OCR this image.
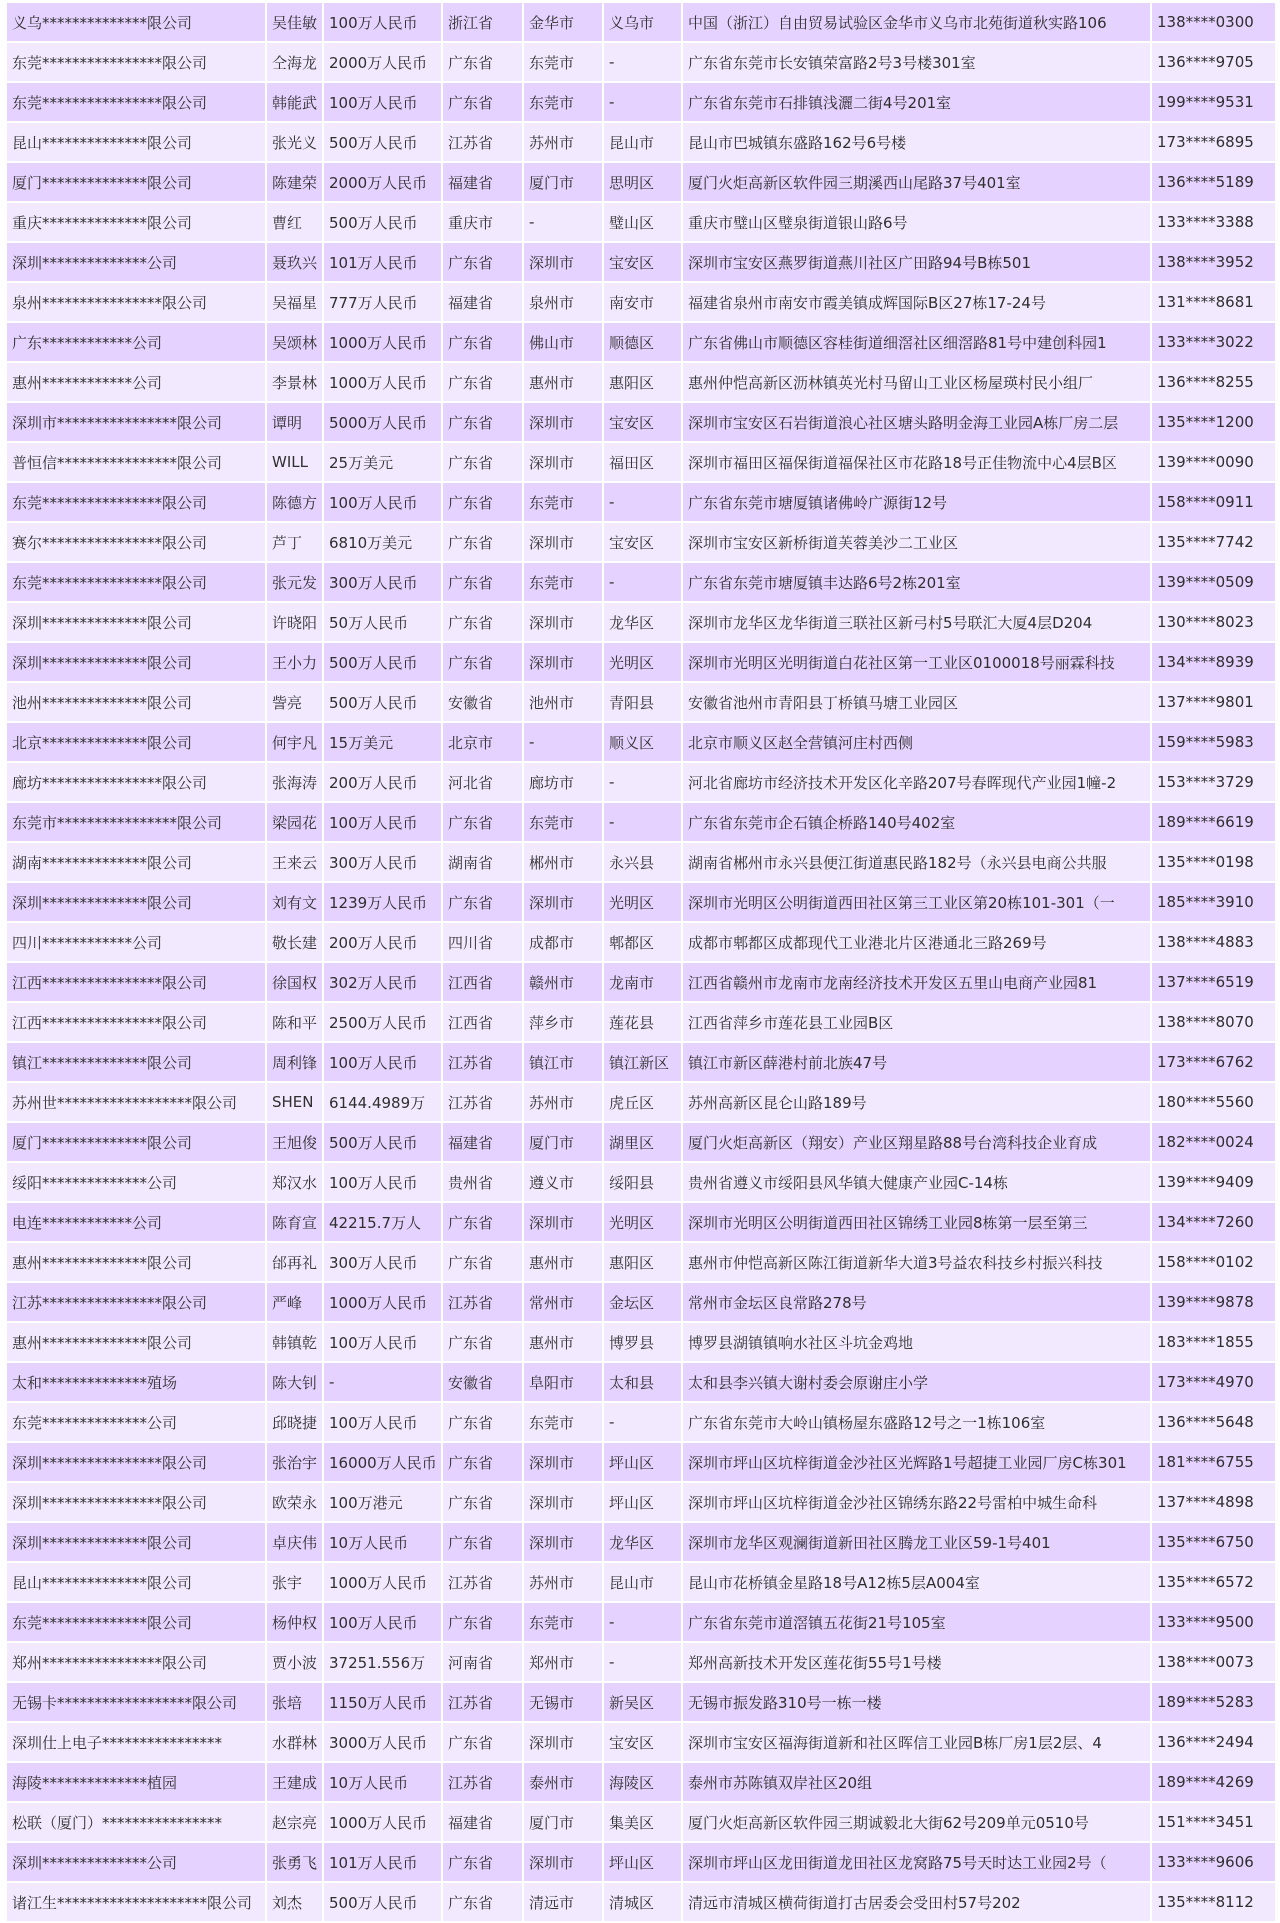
义乌**************限公司	吴佳敏	100万人民币	浙江省	金华市	义乌市	中国（浙江）自由贸易试验区金华市义乌市北苑街道秋实路106	138****0300
东莞****************限公司	仝海龙	2000万人民币	广东省	东莞市	-	广东省东莞市长安镇荣富路2号3号楼301室	136****9705
东莞****************限公司	韩能武	100万人民币	广东省	东莞市	-	广东省东莞市石排镇浅灑二街4号201室	199****9531
昆山**************限公司	张光义	500万人民币	江苏省	苏州市	昆山市	昆山市巴城镇东盛路162号6号楼	173****6895
厦门**************限公司	陈建荣	2000万人民币	福建省	厦门市	思明区	厦门火炬高新区软件园三期溪西山尾路37号401室	136****5189
重庆**************限公司	曹红	500万人民币	重庆市	-	璧山区	重庆市璧山区璧泉街道银山路6号	133****3388
深圳**************公司	聂玖兴	101万人民币	广东省	深圳市	宝安区	深圳市宝安区燕罗街道燕川社区广田路94号B栋501	138****3952
泉州****************限公司	吴福星	777万人民币	福建省	泉州市	南安市	福建省泉州市南安市霞美镇成辉国际B区27栋17-24号	131****8681
广东************公司	吴颂林	1000万人民币	广东省	佛山市	顺德区	广东省佛山市顺德区容桂街道细滘社区细滘路81号中建创科园1	133****3022
惠州************公司	李景林	1000万人民币	广东省	惠州市	惠阳区	惠州仲恺高新区沥林镇英光村马留山工业区杨屋瑛村民小组厂	136****8255
深圳市****************限公司	谭明	5000万人民币	广东省	深圳市	宝安区	深圳市宝安区石岩街道浪心社区塘头路明金海工业园A栋厂房二层	135****1200
普恒信****************限公司	WILL	25万美元	广东省	深圳市	福田区	深圳市福田区福保街道福保社区市花路18号正佳物流中心4层B区	139****0090
东莞****************限公司	陈德方	100万人民币	广东省	东莞市	-	广东省东莞市塘厦镇诸佛岭广源街12号	158****0911
赛尔****************限公司	芦丁	6810万美元	广东省	深圳市	宝安区	深圳市宝安区新桥街道芙蓉美沙二工业区	135****7742
东莞****************限公司	张元发	300万人民币	广东省	东莞市	-	广东省东莞市塘厦镇丰达路6号2栋201室	139****0509
深圳**************限公司	许晓阳	50万人民币	广东省	深圳市	龙华区	深圳市龙华区龙华街道三联社区新弓村5号联汇大厦4层D204	130****8023
深圳**************限公司	王小力	500万人民币	广东省	深圳市	光明区	深圳市光明区光明街道白花社区第一工业区0100018号丽霖科技	134****8939
池州**************限公司	訾亮	500万人民币	安徽省	池州市	青阳县	安徽省池州市青阳县丁桥镇马塘工业园区	137****9801
北京**************限公司	何宇凡	15万美元	北京市	-	顺义区	北京市顺义区赵全营镇河庄村西侧	159****5983
廊坊****************限公司	张海涛	200万人民币	河北省	廊坊市	-	河北省廊坊市经济技术开发区化辛路207号春晖现代产业园1幢-2	153****3729
东莞市****************限公司	梁园花	100万人民币	广东省	东莞市	-	广东省东莞市企石镇企桥路140号402室	189****6619
湖南**************限公司	王来云	300万人民币	湖南省	郴州市	永兴县	湖南省郴州市永兴县便江街道惠民路182号（永兴县电商公共服	135****0198
深圳**************限公司	刘有文	1239万人民币	广东省	深圳市	光明区	深圳市光明区公明街道西田社区第三工业区第20栋101-301（一	185****3910
四川************公司	敬长建	200万人民币	四川省	成都市	郫都区	成都市郫都区成都现代工业港北片区港通北三路269号	138****4883
江西****************限公司	徐国权	302万人民币	江西省	赣州市	龙南市	江西省赣州市龙南市龙南经济技术开发区五里山电商产业园81	137****6519
江西****************限公司	陈和平	2500万人民币	江西省	萍乡市	莲花县	江西省萍乡市莲花县工业园B区	138****8070
镇江**************限公司	周利锋	100万人民币	江苏省	镇江市	镇江新区	镇江市新区薛港村前北族47号	173****6762
苏州世******************限公司	SHEN	6144.4989万	江苏省	苏州市	虎丘区	苏州高新区昆仑山路189号	180****5560
厦门**************限公司	王旭俊	500万人民币	福建省	厦门市	湖里区	厦门火炬高新区（翔安）产业区翔星路88号台湾科技企业育成	182****0024
绥阳**************公司	郑汉水	100万人民币	贵州省	遵义市	绥阳县	贵州省遵义市绥阳县风华镇大健康产业园C-14栋	139****9409
电连************公司	陈育宣	42215.7万人	广东省	深圳市	光明区	深圳市光明区公明街道西田社区锦绣工业园8栋第一层至第三	134****7260
惠州**************限公司	邰再礼	300万人民币	广东省	惠州市	惠阳区	惠州市仲恺高新区陈江街道新华大道3号益农科技乡村振兴科技	158****0102
江苏****************限公司	严峰	1000万人民币	江苏省	常州市	金坛区	常州市金坛区良常路278号	139****9878
惠州**************限公司	韩镇乾	100万人民币	广东省	惠州市	博罗县	博罗县湖镇镇响水社区斗坑金鸡地	183****1855
太和**************殖场	陈大钊	-	安徽省	阜阳市	太和县	太和县李兴镇大谢村委会原谢庄小学	173****4970
东莞**************公司	邱晓捷	100万人民币	广东省	东莞市	-	广东省东莞市大岭山镇杨屋东盛路12号之一1栋106室	136****5648
深圳****************限公司	张治宇	16000万人民币	广东省	深圳市	坪山区	深圳市坪山区坑梓街道金沙社区光辉路1号超捷工业园厂房C栋301	181****6755
深圳****************限公司	欧荣永	100万港元	广东省	深圳市	坪山区	深圳市坪山区坑梓街道金沙社区锦绣东路22号雷柏中城生命科	137****4898
深圳**************限公司	卓庆伟	10万人民币	广东省	深圳市	龙华区	深圳市龙华区观澜街道新田社区腾龙工业区59-1号401	135****6750
昆山**************限公司	张宇	1000万人民币	江苏省	苏州市	昆山市	昆山市花桥镇金星路18号A12栋5层A004室	135****6572
东莞**************限公司	杨仲权	100万人民币	广东省	东莞市	-	广东省东莞市道滘镇五花街21号105室	133****9500
郑州****************限公司	贾小波	37251.556万	河南省	郑州市	-	郑州高新技术开发区莲花街55号1号楼	138****0073
无锡卡******************限公司	张培	1150万人民币	江苏省	无锡市	新吴区	无锡市振发路310号一栋一楼	189****5283
深圳仕上电子****************	水群林	3000万人民币	广东省	深圳市	宝安区	深圳市宝安区福海街道新和社区晖信工业园B栋厂房1层2层、4	136****2494
海陵**************植园	王建成	10万人民币	江苏省	泰州市	海陵区	泰州市苏陈镇双岸社区20组	189****4269
松联（厦门）****************	赵宗亮	1000万人民币	福建省	厦门市	集美区	厦门火炬高新区软件园三期诚毅北大街62号209单元0510号	151****3451
深圳**************公司	张勇飞	101万人民币	广东省	深圳市	坪山区	深圳市坪山区龙田街道龙田社区龙窝路75号天时达工业园2号（	133****9606
诸江生********************限公司	刘杰	500万人民币	广东省	清远市	清城区	清远市清城区横荷街道打古居委会受田村57号202	135****8112
